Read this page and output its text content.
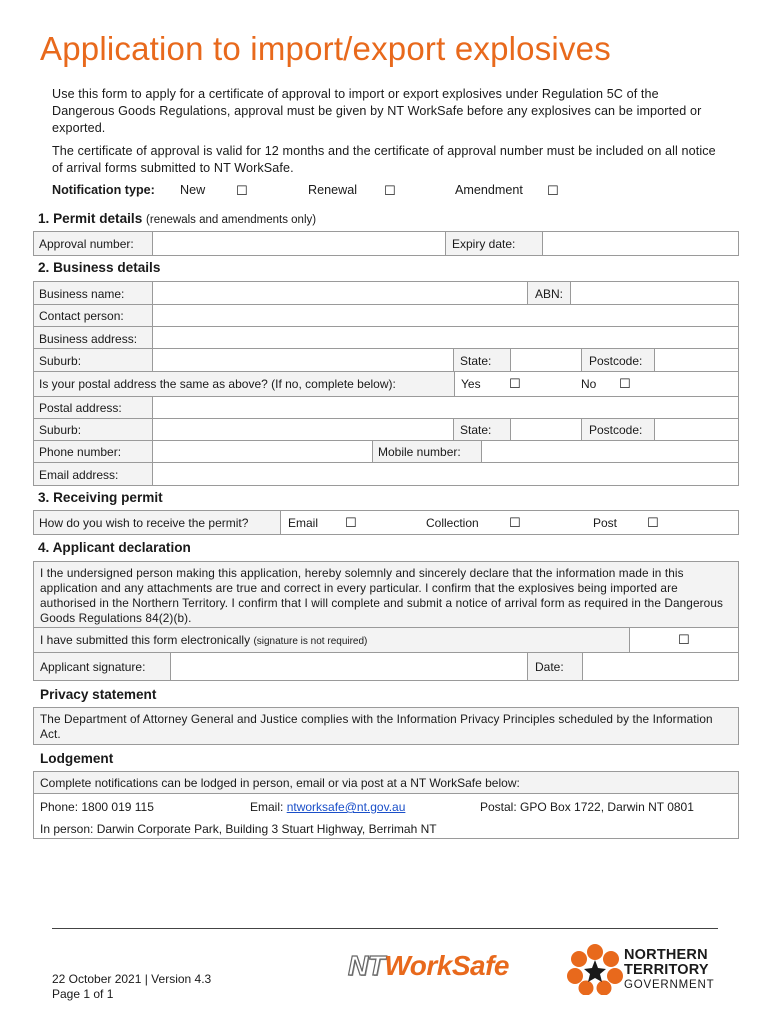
Application to import/export explosives
Use this form to apply for a certificate of approval to import or export explosives under Regulation 5C of the Dangerous Goods Regulations, approval must be given by NT WorkSafe before any explosives can be imported or exported.
The certificate of approval is valid for 12 months and the certificate of approval number must be included on all notice of arrival forms submitted to NT WorkSafe.
Notification type: New ☐	Renewal ☐	Amendment ☐
1. Permit details (renewals and amendments only)
Approval number:	Expiry date:
2. Business details
Business name:	ABN:
Contact person:
Business address:
Suburb:	State:	Postcode:
Is your postal address the same as above? (If no, complete below):	Yes ☐	No ☐
Postal address:
Suburb:	State:	Postcode:
Phone number:	Mobile number:
Email address:
3. Receiving permit
How do you wish to receive the permit?	Email ☐	Collection ☐	Post ☐
4. Applicant declaration
I the undersigned person making this application, hereby solemnly and sincerely declare that the information made in this application and any attachments are true and correct in every particular. I confirm that the explosives being imported are authorised in the Northern Territory. I confirm that I will complete and submit a notice of arrival form as required in the Dangerous Goods Regulations 84(2)(b).
I have submitted this form electronically (signature is not required)	☐
Applicant signature:	Date:
Privacy statement
The Department of Attorney General and Justice complies with the Information Privacy Principles scheduled by the Information Act.
Lodgement
Complete notifications can be lodged in person, email or via post at a NT WorkSafe below:
Phone: 1800 019 115	Email: ntworksafe@nt.gov.au	Postal: GPO Box 1722, Darwin NT 0801
In person: Darwin Corporate Park, Building 3 Stuart Highway, Berrimah NT
22 October 2021 | Version 4.3
Page 1 of 1
NTWorkSafe	NORTHERN
TERRITORY
GOVERNMENT
